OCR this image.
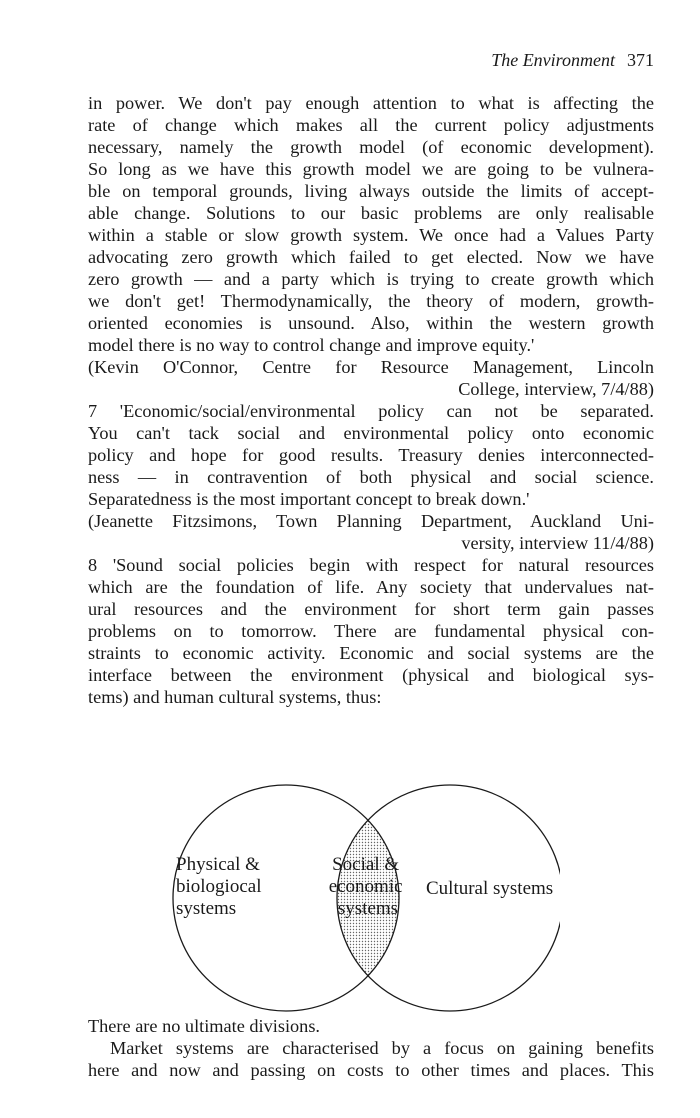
The Environment 371
in power. We don't pay enough attention to what is affecting the
rate of change which makes all the current policy adjustments
necessary, namely the growth model (of economic development).
So long as we have this growth model we are going to be vulnera-
ble on temporal grounds, living always outside the limits of accept-
able change. Solutions to our basic problems are only realisable
within a stable or slow growth system. We once had a Values Party
advocating zero growth which failed to get elected. Now we have
zero growth — and a party which is trying to create growth which
we don't get! Thermodynamically, the theory of modern, growth-
oriented economies is unsound. Also, within the western growth
model there is no way to control change and improve equity.'
(Kevin O'Connor, Centre for Resource Management, Lincoln
College, interview, 7/4/88)
7 'Economic/social/environmental policy can not be separated.
You can't tack social and environmental policy onto economic
policy and hope for good results. Treasury denies interconnected-
ness — in contravention of both physical and social science.
Separatedness is the most important concept to break down.'
(Jeanette Fitzsimons, Town Planning Department, Auckland Uni-
versity, interview 11/4/88)
8 'Sound social policies begin with respect for natural resources
which are the foundation of life. Any society that undervalues nat-
ural resources and the environment for short term gain passes
problems on to tomorrow. There are fundamental physical con-
straints to economic activity. Economic and social systems are the
interface between the environment (physical and biological sys-
tems) and human cultural systems, thus:
Physical & biologiocal systems
Social & economic systems
Cultural systems
There are no ultimate divisions.
Market systems are characterised by a focus on gaining benefits
here and now and passing on costs to other times and places. This
